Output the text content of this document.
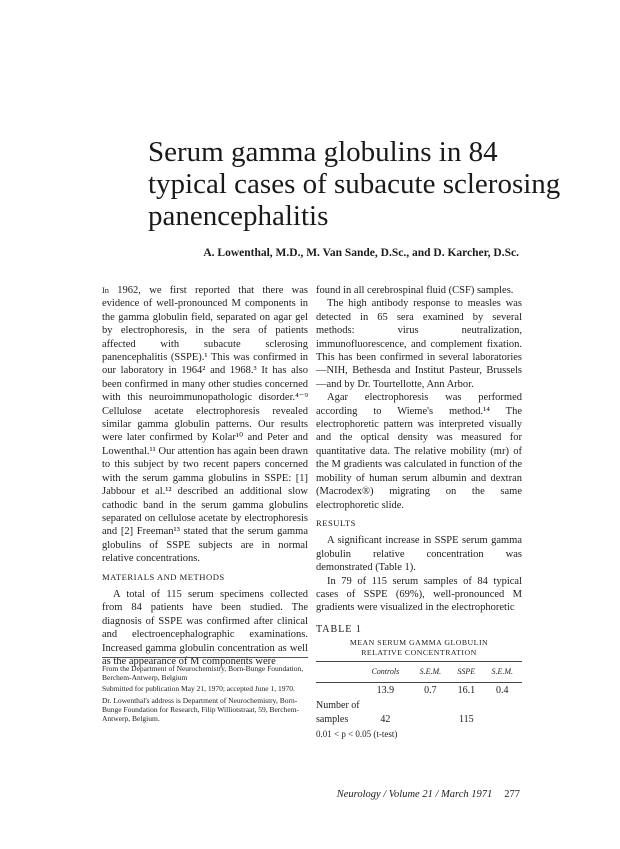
Serum gamma globulins in 84 typical cases of subacute sclerosing panencephalitis

A. Lowenthal, M.D., M. Van Sande, D.Sc., and D. Karcher, D.Sc.

In 1962, we first reported that there was evidence of well-pronounced M components in the gamma globulin field, separated on agar gel by electrophoresis, in the sera of patients affected with subacute sclerosing panencephalitis (SSPE).¹ This was confirmed in our laboratory in 1964² and 1968.³ It has also been confirmed in many other studies concerned with this neuroimmunopathologic disorder.⁴⁻⁹ Cellulose acetate electrophoresis revealed similar gamma globulin patterns. Our results were later confirmed by Kolar¹⁰ and Peter and Lowenthal.¹¹ Our attention has again been drawn to this subject by two recent papers concerned with the serum gamma globulins in SSPE: [1] Jabbour et al.¹² described an additional slow cathodic band in the serum gamma globulins separated on cellulose acetate by electrophoresis and [2] Freeman¹³ stated that the serum gamma globulins of SSPE subjects are in normal relative concentrations.

MATERIALS AND METHODS

A total of 115 serum specimens collected from 84 patients have been studied. The diagnosis of SSPE was confirmed after clinical and electroencephalographic examinations. Increased gamma globulin concentration as well as the appearance of M components were

From the Department of Neurochemistry, Born-Bunge Foundation, Berchem-Antwerp, Belgium

Submitted for publication May 21, 1970; accepted June 1, 1970.

Dr. Lowenthal's address is Department of Neurochemistry, Born-Bunge Foundation for Research, Filip Williotstraat, 59, Berchem-Antwerp, Belgium.

found in all cerebrospinal fluid (CSF) samples.

The high antibody response to measles was detected in 65 sera examined by several methods: virus neutralization, immunofluorescence, and complement fixation. This has been confirmed in several laboratories—NIH, Bethesda and Institut Pasteur, Brussels—and by Dr. Tourtellotte, Ann Arbor.

Agar electrophoresis was performed according to Wieme's method.¹⁴ The electrophoretic pattern was interpreted visually and the optical density was measured for quantitative data. The relative mobility (mr) of the M gradients was calculated in function of the mobility of human serum albumin and dextran (Macrodex®) migrating on the same electrophoretic slide.

RESULTS

A significant increase in SSPE serum gamma globulin relative concentration was demonstrated (Table 1).

In 79 of 115 serum samples of 84 typical cases of SSPE (69%), well-pronounced M gradients were visualized in the electrophoretic

TABLE 1

MEAN SERUM GAMMA GLOBULIN
RELATIVE CONCENTRATION

	Controls	S.E.M.	SSPE	S.E.M.
	13.9	0.7	16.1	0.4
Number of
samples	42		115	

0.01 < p < 0.05 (t-test)

Neurology / Volume 21 / March 1971 277
